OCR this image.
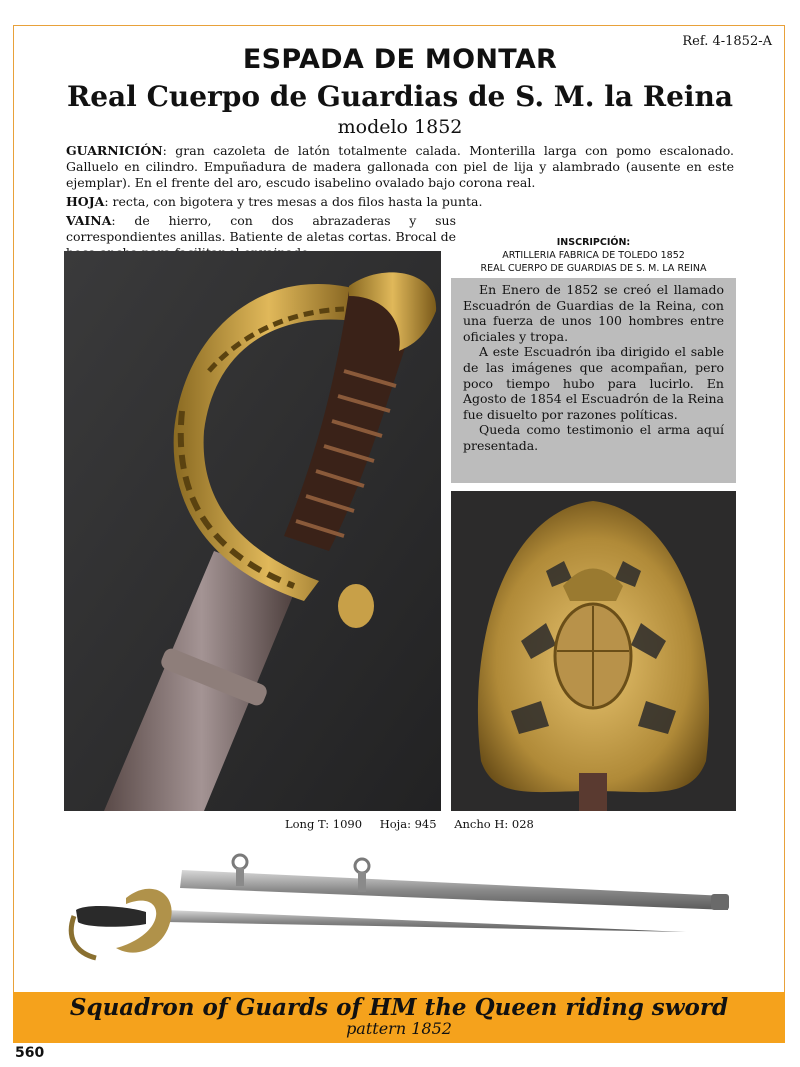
Ref. 4-1852-A
ESPADA DE MONTAR
Real Cuerpo de Guardias de S. M. la Reina
modelo 1852

GUARNICIÓN: gran cazoleta de latón totalmente calada. Monterilla larga con pomo escalonado. Galluelo en cilindro. Empuñadura de madera gallonada con piel de lija y alambrado (ausente en este ejemplar). En el frente del aro, escudo isabelino ovalado bajo corona real.

HOJA: recta, con bigotera y tres mesas a dos filos hasta la punta.

VAINA: de hierro, con dos abrazaderas y sus correspondientes anillas. Batiente de aletas cortas. Brocal de	INSCRIPCIÓN:
ARTILLERIA FABRICA DE TOLEDO 1852
REAL CUERPO DE GUARDIAS DE S. M. LA REINA

En Enero de 1852 se creó el llamado Escuadrón de Guardias de la Reina, con una fuerza de unos 100 hombres entre oficiales y tropa.

A este Escuadrón iba dirigido el sable de las imágenes que acompañan, pero poco tiempo hubo para lucirlo. En Agosto de 1854 el Escuadrón de la Reina fue disuelto por razones políticas.

Queda como testimonio el arma aquí presentada.

Long T: 1090 Hoja: 945 Ancho H: 028
Squadron of Guards of HM the Queen riding sword
pattern 1852
560
